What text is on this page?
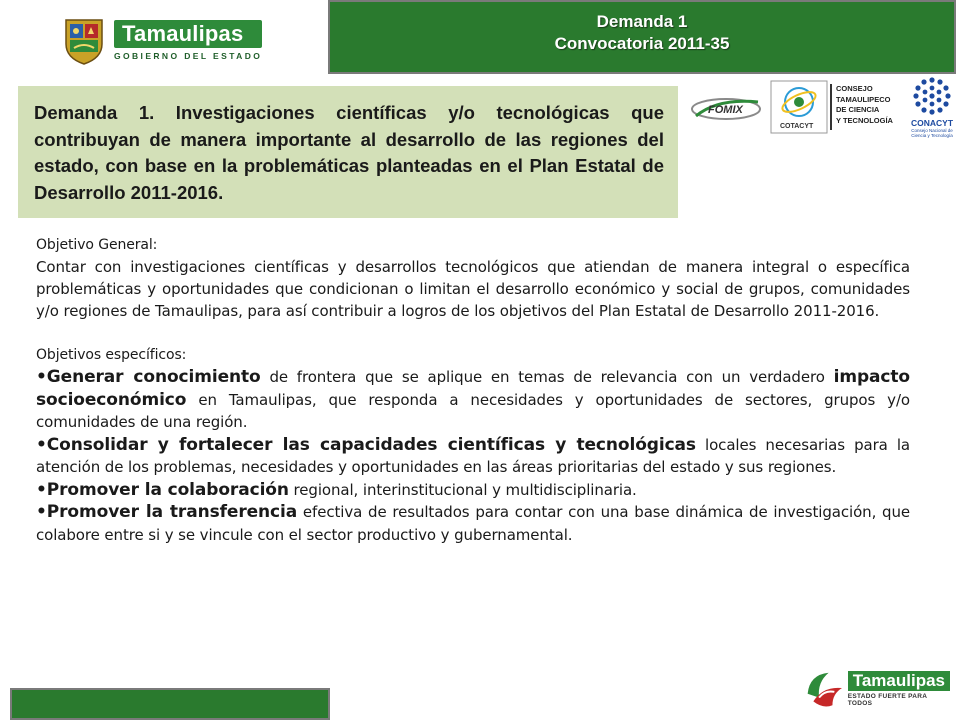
Tamaulipas
GOBIERNO DEL ESTADO
Demanda 1
Convocatoria 2011-35
Demanda 1. Investigaciones científicas y/o tecnológicas que contribuyan de manera importante al desarrollo de las regiones del estado, con base en la problemáticas planteadas en el Plan Estatal de Desarrollo 2011-2016.
FOMIX
COTACYT
CONSEJO
TAMAULIPECO
DE CIENCIA
Y TECNOLOGÍA	CONACYT
Consejo Nacional de Ciencia y Tecnología

Objetivo General:

Contar con investigaciones científicas y desarrollos tecnológicos que atiendan de manera integral o específica problemáticas y oportunidades que condicionan o limitan el desarrollo económico y social de grupos, comunidades y/o regiones de Tamaulipas, para así contribuir a logros de los objetivos del Plan Estatal de Desarrollo 2011-2016.

Objetivos específicos:

•Generar conocimiento de frontera que se aplique en temas de relevancia con un verdadero impacto socioeconómico en Tamaulipas, que responda a necesidades y oportunidades de sectores, grupos y/o comunidades de una región.

•Consolidar y fortalecer las capacidades científicas y tecnológicas locales necesarias para la atención de los problemas, necesidades y oportunidades en las áreas prioritarias del estado y sus regiones.

•Promover la colaboración regional, interinstitucional y multidisciplinaria.

•Promover la transferencia efectiva de resultados para contar con una base dinámica de investigación, que colabore entre si y se vincule con el sector productivo y gubernamental.

Tamaulipas
ESTADO FUERTE PARA TODOS
